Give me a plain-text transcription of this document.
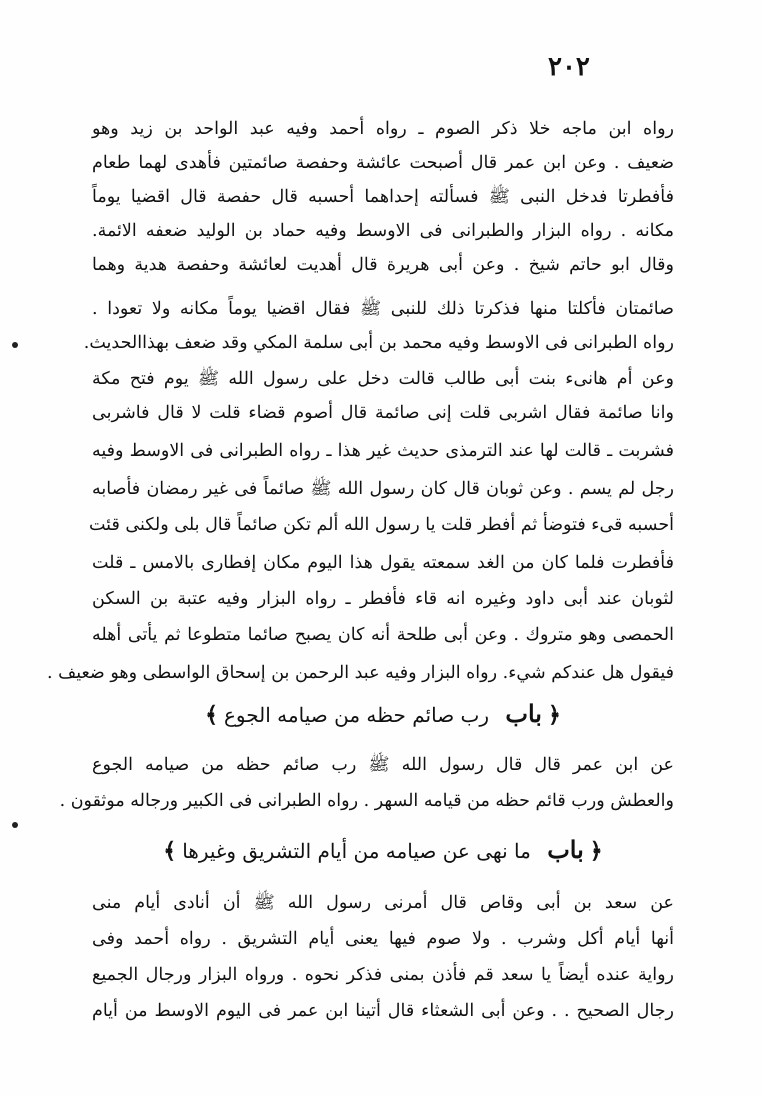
٢٠٢
رواه ابن ماجه خلا ذكر الصوم ـ رواه أحمد وفيه عبد الواحد بن زيد وهو
ضعيف . وعن ابن عمر قال أصبحت عائشة وحفصة صائمتين فأهدى لهما طعام
فأفطرتا فدخل النبى ﷺ فسألته إحداهما أحسبه قال حفصة قال اقضيا يوماً
مكانه . رواه البزار والطبرانى فى الاوسط وفيه حماد بن الوليد ضعفه الائمة.
وقال ابو حاتم شيخ . وعن أبى هريرة قال أهديت لعائشة وحفصة هدية وهما
صائمتان فأكلتا منها فذكرتا ذلك للنبى ﷺ فقال اقضيا يوماً مكانه ولا تعودا .
رواه الطبرانى فى الاوسط وفيه محمد بن أبى سلمة المكي وقد ضعف بهذاالحديث.
وعن أم هانىء بنت أبى طالب قالت دخل على رسول الله ﷺ يوم فتح مكة
وانا صائمة فقال اشربى قلت إنى صائمة قال أصوم قضاء قلت لا قال فاشربى
فشربت ـ قالت لها عند الترمذى حديث غير هذا ـ رواه الطبرانى فى الاوسط وفيه
رجل لم يسم . وعن ثوبان قال كان رسول الله ﷺ صائماً فى غير رمضان فأصابه
أحسبه قىء فتوضأ ثم أفطر قلت يا رسول الله ألم تكن صائماً قال بلى ولكنى قئت
فأفطرت فلما كان من الغد سمعته يقول هذا اليوم مكان إفطارى بالامس ـ قلت
لثوبان عند أبى داود وغيره انه قاء فأفطر ـ رواه البزار وفيه عتبة بن السكن
الحمصى وهو متروك . وعن أبى طلحة أنه كان يصبح صائما متطوعا ثم يأتى أهله
فيقول هل عندكم شيء. رواه البزار وفيه عبد الرحمن بن إسحاق الواسطى وهو ضعيف .
﴿باب رب صائم حظه من صيامه الجوع﴾
عن ابن عمر قال قال رسول الله ﷺ رب صائم حظه من صيامه الجوع
والعطش ورب قائم حظه من قيامه السهر . رواه الطبرانى فى الكبير ورجاله موثقون .
﴿باب ما نهى عن صيامه من أيام التشريق وغيرها﴾
عن سعد بن أبى وقاص قال أمرنى رسول الله ﷺ أن أنادى أيام منى
أنها أيام أكل وشرب . ولا صوم فيها يعنى أيام التشريق . رواه أحمد وفى
رواية عنده أيضاً يا سعد قم فأذن بمنى فذكر نحوه . ورواه البزار ورجال الجميع
رجال الصحيح . . وعن أبى الشعثاء قال أتينا ابن عمر فى اليوم الاوسط من أيام
